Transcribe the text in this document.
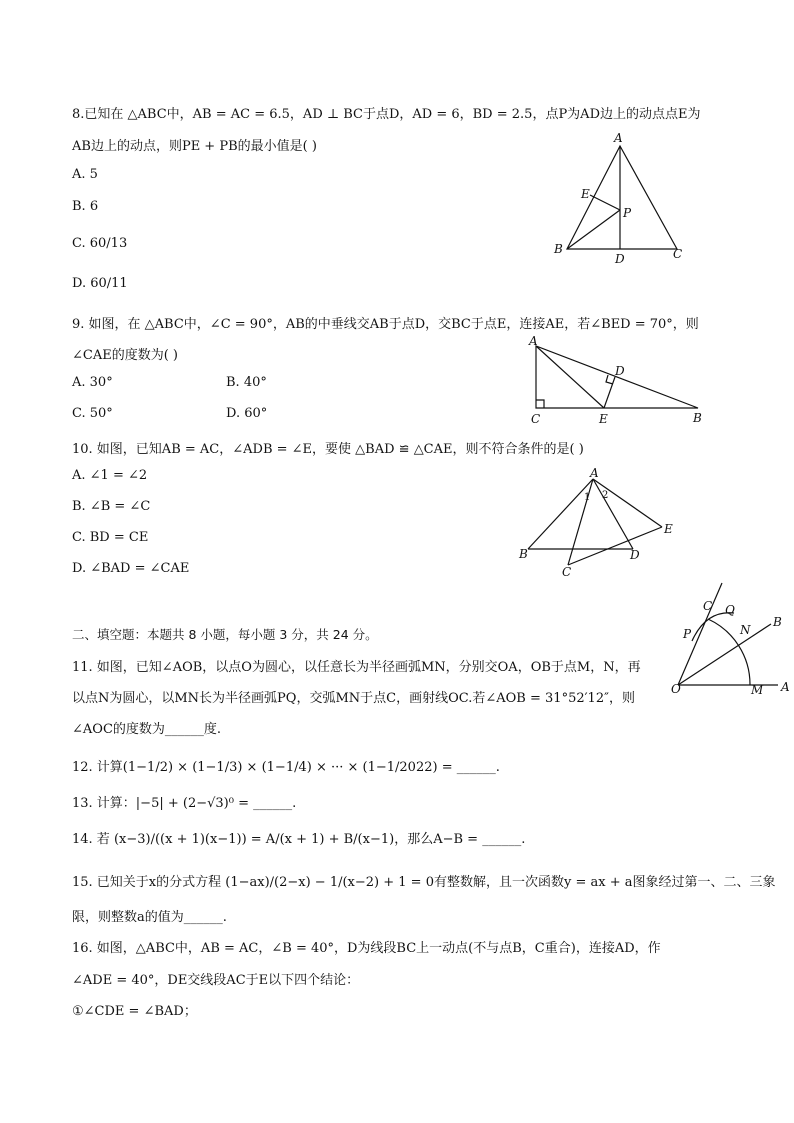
8.已知在 △ABC中，AB = AC = 6.5，AD ⊥ BC于点D，AD = 6，BD = 2.5，点P为AD边上的动点点E为
AB边上的动点，则PE + PB的最小值是( )
A. 5
B. 6
C. 60/13
D. 60/11
A
E
P
B
D	C
9. 如图，在 △ABC中，∠C = 90°，AB的中垂线交AB于点D，交BC于点E，连接AE，若∠BED = 70°，则
∠CAE的度数为( )
A. 30°	B. 40°
C. 50°	D. 60°
A
D
C	E	B
10. 如图，已知AB = AC，∠ADB = ∠E，要使 △BAD ≌ △CAE，则不符合条件的是( )
A. ∠1 = ∠2
B. ∠B = ∠C
C. BD = CE
D. ∠BAD = ∠CAE
A
1 2
E
B	D
C
二、填空题：本题共 8 小题，每小题 3 分，共 24 分。
11. 如图，已知∠AOB，以点O为圆心，以任意长为半径画弧MN，分别交OA，OB于点M，N，再
以点N为圆心，以MN长为半径画弧PQ，交弧MN于点C，画射线OC.若∠AOB = 31°52′12″，则
∠AOC的度数为______度.
C Q
P	N
B
O	M A
12. 计算(1−1/2) × (1−1/3) × (1−1/4) × ··· × (1−1/2022) = ______.
13. 计算：|−5| + (2−√3)⁰ = ______.
14. 若 (x−3)/((x + 1)(x−1)) = A/(x + 1) + B/(x−1)，那么A−B = ______.
15. 已知关于x的分式方程 (1−ax)/(2−x) − 1/(x−2) + 1 = 0有整数解，且一次函数y = ax + a图象经过第一、二、三象
限，则整数a的值为______.
16. 如图，△ABC中，AB = AC，∠B = 40°，D为线段BC上一动点(不与点B，C重合)，连接AD，作
∠ADE = 40°，DE交线段AC于E以下四个结论：
①∠CDE = ∠BAD；
